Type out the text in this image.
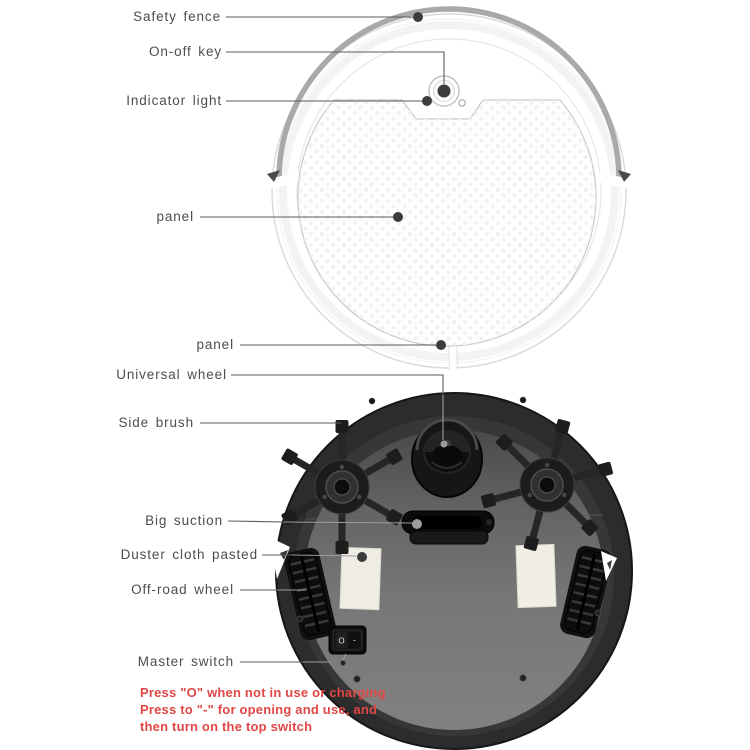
O -
Safety fence
On-off key
Indicator light
panel
panel
Universal wheel
Side brush
Big suction
Duster cloth pasted
Off-road wheel
Master switch
Press "O" when not in use or charging
Press to "-" for opening and use, and
then turn on the top switch
